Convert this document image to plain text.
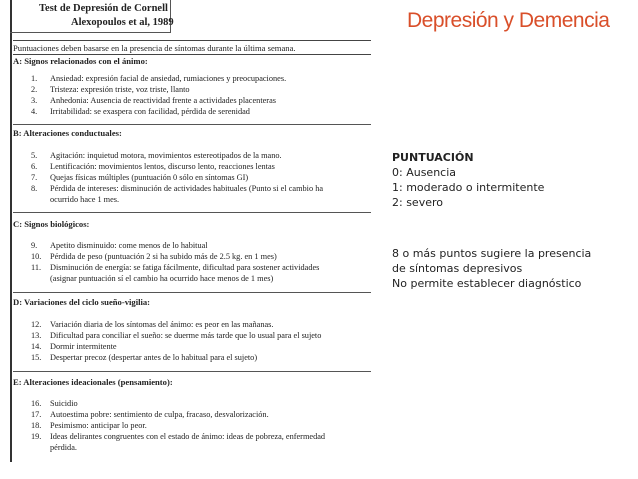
Test de Depresión de Cornell
Alexopoulos et al, 1989
Puntuaciones deben basarse en la presencia de síntomas durante la última semana.
A: Signos relacionados con el ánimo:
1. Ansiedad: expresión facial de ansiedad, rumiaciones y preocupaciones.
2. Tristeza: expresión triste, voz triste, llanto
3. Anhedonia: Ausencia de reactividad frente a actividades placenteras
4. Irritabilidad: se exaspera con facilidad, pérdida de serenidad
B: Alteraciones conductuales:
5. Agitación: inquietud motora, movimientos estereotipados de la mano.
6. Lentificación: movimientos lentos, discurso lento, reacciones lentas
7. Quejas físicas múltiples (puntuación 0 sólo en síntomas GI)
8. Pérdida de intereses: disminución de actividades habituales (Punto si el cambio ha
ocurrido hace 1 mes.
C: Signos biológicos:
9. Apetito disminuido: come menos de lo habitual
10. Pérdida de peso (puntuación 2 si ha subido más de 2.5 kg. en 1 mes)
11. Disminución de energía: se fatiga fácilmente, dificultad para sostener actividades
(asignar puntuación sí el cambio ha ocurrido hace menos de 1 mes)
D: Variaciones del ciclo sueño-vigilia:
12. Variación diaria de los síntomas del ánimo: es peor en las mañanas.
13. Dificultad para conciliar el sueño: se duerme más tarde que lo usual para el sujeto
14. Dormir intermitente
15. Despertar precoz (despertar antes de lo habitual para el sujeto)
E: Alteraciones ideacionales (pensamiento):
16. Suicidio
17. Autoestima pobre: sentimiento de culpa, fracaso, desvalorización.
18. Pesimismo: anticipar lo peor.
19. Ideas delirantes congruentes con el estado de ánimo: ideas de pobreza, enfermedad
pérdida.
Depresión y Demencia
PUNTUACIÓN
0: Ausencia
1: moderado o intermitente
2: severo
8 o más puntos sugiere la presencia
de síntomas depresivos
No permite establecer diagnóstico
